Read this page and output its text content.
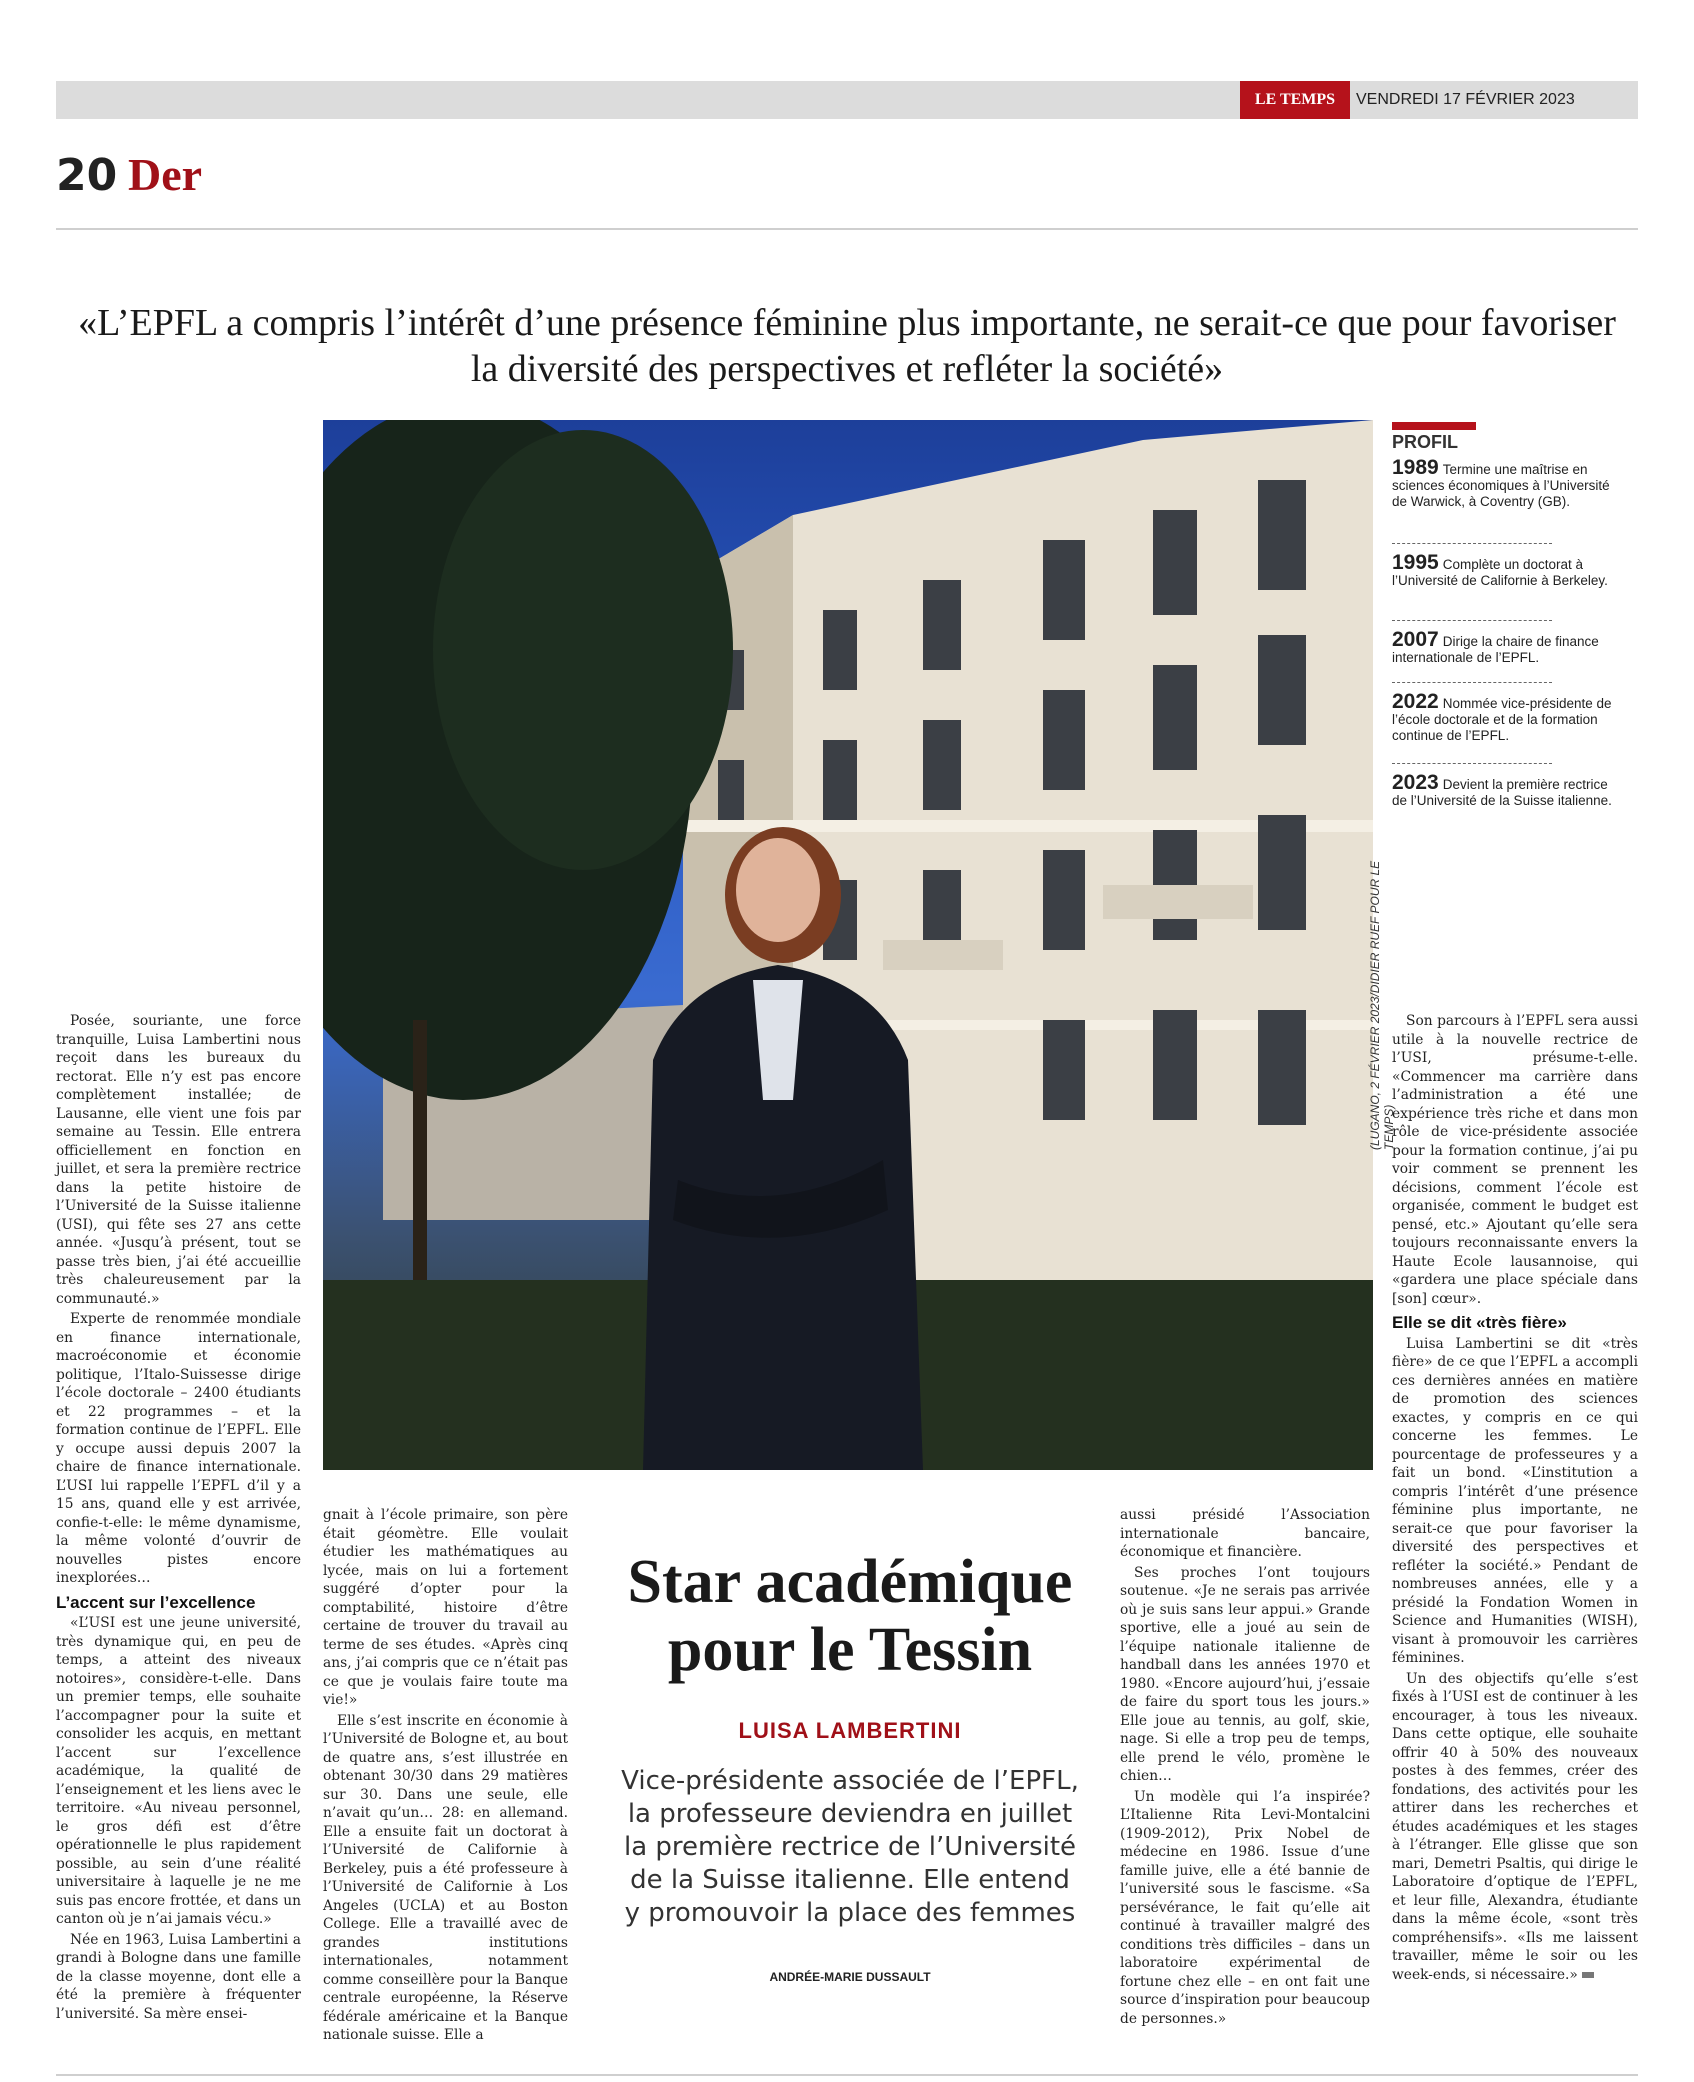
LE TEMPS	VENDREDI 17 FÉVRIER 2023
20 Der
«L’EPFL a compris l’intérêt d’une présence féminine plus importante, ne serait-ce que pour favoriser la diversité des perspectives et refléter la société»
(LUGANO, 2 FÉVRIER 2023/DIDIER RUEF POUR LE TEMPS)
PROFIL
1989 Termine une maîtrise en sciences économiques à l’Université de Warwick, à Coventry (GB).
1995 Complète un doctorat à l’Université de Californie à Berkeley.
2007 Dirige la chaire de finance internationale de l’EPFL.
2022 Nommée vice-présidente de l’école doctorale et de la formation continue de l’EPFL.
2023 Devient la première rectrice de l’Université de la Suisse italienne.

Posée, souriante, une force tranquille, Luisa Lambertini nous reçoit dans les bureaux du rectorat. Elle n’y est pas encore complètement installée; de Lausanne, elle vient une fois par semaine au Tessin. Elle entrera officiellement en fonction en juillet, et sera la première rectrice dans la petite histoire de l’Université de la Suisse italienne (USI), qui fête ses 27 ans cette année. «Jusqu’à présent, tout se passe très bien, j’ai été accueillie très chaleureusement par la communauté.»

Experte de renommée mondiale en finance internationale, macroéconomie et économie politique, l’Italo-Suissesse dirige l’école doctorale – 2400 étudiants et 22 programmes – et la formation continue de l’EPFL. Elle y occupe aussi depuis 2007 la chaire de finance internationale. L’USI lui rappelle l’EPFL d’il y a 15 ans, quand elle y est arrivée, confie-t-elle: le même dynamisme, la même volonté d’ouvrir de nouvelles pistes encore inexplorées…

L’accent sur l’excellence

«L’USI est une jeune université, très dynamique qui, en peu de temps, a atteint des niveaux notoires», considère-t-elle. Dans un premier temps, elle souhaite l’accompagner pour la suite et consolider les acquis, en mettant l’accent sur l’excellence académique, la qualité de l’enseignement et les liens avec le territoire. «Au niveau personnel, le gros défi est d’être opérationnelle le plus rapidement possible, au sein d’une réalité universitaire à laquelle je ne me suis pas encore frottée, et dans un canton où je n’ai jamais vécu.»

Née en 1963, Luisa Lambertini a grandi à Bologne dans une famille de la classe moyenne, dont elle a été la première à fréquenter l’université. Sa mère ensei-

gnait à l’école primaire, son père était géomètre. Elle voulait étudier les mathématiques au lycée, mais on lui a fortement suggéré d’opter pour la comptabilité, histoire d’être certaine de trouver du travail au terme de ses études. «Après cinq ans, j’ai compris que ce n’était pas ce que je voulais faire toute ma vie!»

Elle s’est inscrite en économie à l’Université de Bologne et, au bout de quatre ans, s’est illustrée en obtenant 30/30 dans 29 matières sur 30. Dans une seule, elle n’avait qu’un… 28: en allemand. Elle a ensuite fait un doctorat à l’Université de Californie à Berkeley, puis a été professeure à l’Université de Californie à Los Angeles (UCLA) et au Boston College. Elle a travaillé avec de grandes institutions internationales, notamment comme conseillère pour la Banque centrale européenne, la Réserve fédérale américaine et la Banque nationale suisse. Elle a

Star académique pour le Tessin
LUISA LAMBERTINI
Vice-présidente associée de l’EPFL, la professeure deviendra en juillet la première rectrice de l’Université de la Suisse italienne. Elle entend y promouvoir la place des femmes
ANDRÉE-MARIE DUSSAULT

aussi présidé l’Association internationale bancaire, économique et financière.

Ses proches l’ont toujours soutenue. «Je ne serais pas arrivée où je suis sans leur appui.» Grande sportive, elle a joué au sein de l’équipe nationale italienne de handball dans les années 1970 et 1980. «Encore aujourd’hui, j’essaie de faire du sport tous les jours.» Elle joue au tennis, au golf, skie, nage. Si elle a trop peu de temps, elle prend le vélo, promène le chien…

Un modèle qui l’a inspirée? L’Italienne Rita Levi-Montalcini (1909-2012), Prix Nobel de médecine en 1986. Issue d’une famille juive, elle a été bannie de l’université sous le fascisme. «Sa persévérance, le fait qu’elle ait continué à travailler malgré des conditions très difficiles – dans un laboratoire expérimental de fortune chez elle – en ont fait une source d’inspiration pour beaucoup de personnes.»

Son parcours à l’EPFL sera aussi utile à la nouvelle rectrice de l’USI, présume-t-elle. «Commencer ma carrière dans l’administration a été une expérience très riche et dans mon rôle de vice-présidente associée pour la formation continue, j’ai pu voir comment se prennent les décisions, comment l’école est organisée, comment le budget est pensé, etc.» Ajoutant qu’elle sera toujours reconnaissante envers la Haute Ecole lausannoise, qui «gardera une place spéciale dans [son] cœur».

Elle se dit «très fière»

Luisa Lambertini se dit «très fière» de ce que l’EPFL a accompli ces dernières années en matière de promotion des sciences exactes, y compris en ce qui concerne les femmes. Le pourcentage de professeures y a fait un bond. «L’institution a compris l’intérêt d’une présence féminine plus importante, ne serait-ce que pour favoriser la diversité des perspectives et refléter la société.» Pendant de nombreuses années, elle y a présidé la Fondation Women in Science and Humanities (WISH), visant à promouvoir les carrières féminines.

Un des objectifs qu’elle s’est fixés à l’USI est de continuer à les encourager, à tous les niveaux. Dans cette optique, elle souhaite offrir 40 à 50% des nouveaux postes à des femmes, créer des fondations, des activités pour les attirer dans les recherches et études académiques et les stages à l’étranger. Elle glisse que son mari, Demetri Psaltis, qui dirige le Laboratoire d’optique de l’EPFL, et leur fille, Alexandra, étudiante dans la même école, «sont très compréhensifs». «Ils me laissent travailler, même le soir ou les week-ends, si nécessaire.»
